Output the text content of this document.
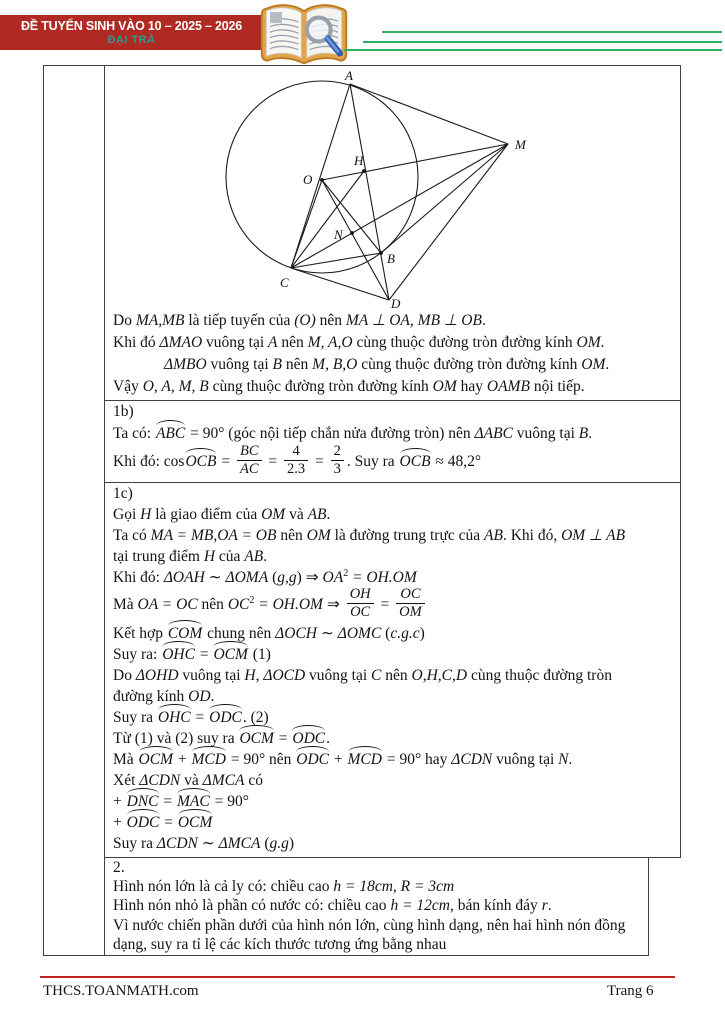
ĐỀ TUYỂN SINH VÀO 10 – 2025 – 2026
ĐẠI TRÀ
A
M
H
O
N
B
C
D
Do MA,MB là tiếp tuyến của (O) nên MA ⊥ OA, MB ⊥ OB.
Khi đó ΔMAO vuông tại A nên M, A,O cùng thuộc đường tròn đường kính OM.
ΔMBO vuông tại B nên M, B,O cùng thuộc đường tròn đường kính OM.
Vậy O, A, M, B cùng thuộc đường tròn đường kính OM hay OAMB nội tiếp.
1b)
Ta có: ABC = 90° (góc nội tiếp chắn nửa đường tròn) nên ΔABC vuông tại B.
Khi đó: cosOCB = $\frac{BC}{AC} = \frac{4}{2.3} = \frac{2}{3}$ . Suy ra OCB ≈ 48,2°
1c)
Gọi H là giao điểm của OM và AB.
Ta có MA = MB,OA = OB nên OM là đường trung trực của AB. Khi đó, OM ⊥ AB
tại trung điểm H của AB.
Khi đó: ΔOAH ∼ ΔOMA (g,g) ⇒ $OA^2 = OH.OM$
Mà OA = OC nên $OC^2 = OH.OM$ ⇒ $\frac{OH}{OC} = \frac{OC}{OM}$
Kết hợp COM chung nên ΔOCH ∼ ΔOMC (c.g.c)
Suy ra: OHC = OCM (1)
Do ΔOHD vuông tại H, ΔOCD vuông tại C nên O,H,C,D cùng thuộc đường tròn
đường kính OD.
Suy ra OHC = ODC. (2)
Từ (1) và (2) suy ra OCM = ODC.
Mà OCM + MCD = 90° nên ODC + MCD = 90° hay ΔCDN vuông tại N.
Xét ΔCDN và ΔMCA có
+ DNC = MAC = 90°
+ ODC = OCM
Suy ra ΔCDN ∼ ΔMCA (g.g)
2.
Hình nón lớn là cả ly có: chiều cao h = 18cm, R = 3cm
Hình nón nhỏ là phần có nước có: chiều cao h = 12cm, bán kính đáy r.
Vì nước chiến phần dưới của hình nón lớn, cùng hình dạng, nên hai hình nón đồng
dạng, suy ra tỉ lệ các kích thước tương ứng bằng nhau
THCS.TOANMATH.com	Trang 6
